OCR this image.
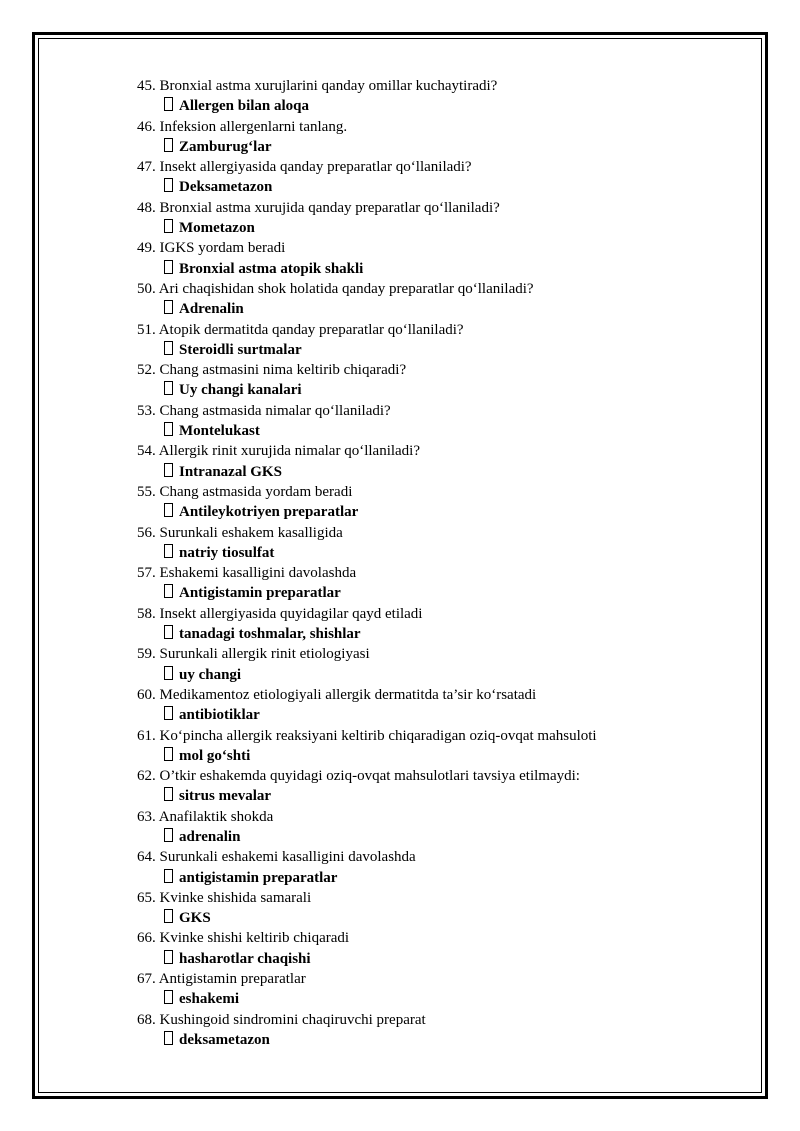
45. Bronxial astma xurujlarini qanday omillar kuchaytiradi?
Allergen bilan aloqa
46. Infeksion allergenlarni tanlang.
Zamburug‘lar
47. Insekt allergiyasida qanday preparatlar qo‘llaniladi?
Deksametazon
48. Bronxial astma xurujida qanday preparatlar qo‘llaniladi?
Mometazon
49. IGKS yordam beradi
Bronxial astma atopik shakli
50. Ari chaqishidan shok holatida qanday preparatlar qo‘llaniladi?
Adrenalin
51. Atopik dermatitda qanday preparatlar qo‘llaniladi?
Steroidli surtmalar
52. Chang astmasini nima keltirib chiqaradi?
Uy changi kanalari
53. Chang astmasida nimalar qo‘llaniladi?
Montelukast
54. Allergik rinit xurujida nimalar qo‘llaniladi?
Intranazal GKS
55. Chang astmasida yordam beradi
Antileykotriyen preparatlar
56. Surunkali eshakem kasalligida
natriy tiosulfat
57. Eshakemi kasalligini davolashda
Antigistamin preparatlar
58. Insekt allergiyasida quyidagilar qayd etiladi
tanadagi toshmalar, shishlar
59. Surunkali allergik rinit etiologiyasi
uy changi
60. Medikamentoz etiologiyali allergik dermatitda ta’sir ko‘rsatadi
antibiotiklar
61. Ko‘pincha allergik reaksiyani keltirib chiqaradigan oziq-ovqat mahsuloti
mol go‘shti
62. O’tkir eshakemda quyidagi oziq-ovqat mahsulotlari tavsiya etilmaydi:
sitrus mevalar
63. Anafilaktik shokda
adrenalin
64. Surunkali eshakemi kasalligini davolashda
antigistamin preparatlar
65. Kvinke shishida samarali
GKS
66. Kvinke shishi keltirib chiqaradi
hasharotlar chaqishi
67. Antigistamin preparatlar
eshakemi
68. Kushingoid sindromini chaqiruvchi preparat
deksametazon
